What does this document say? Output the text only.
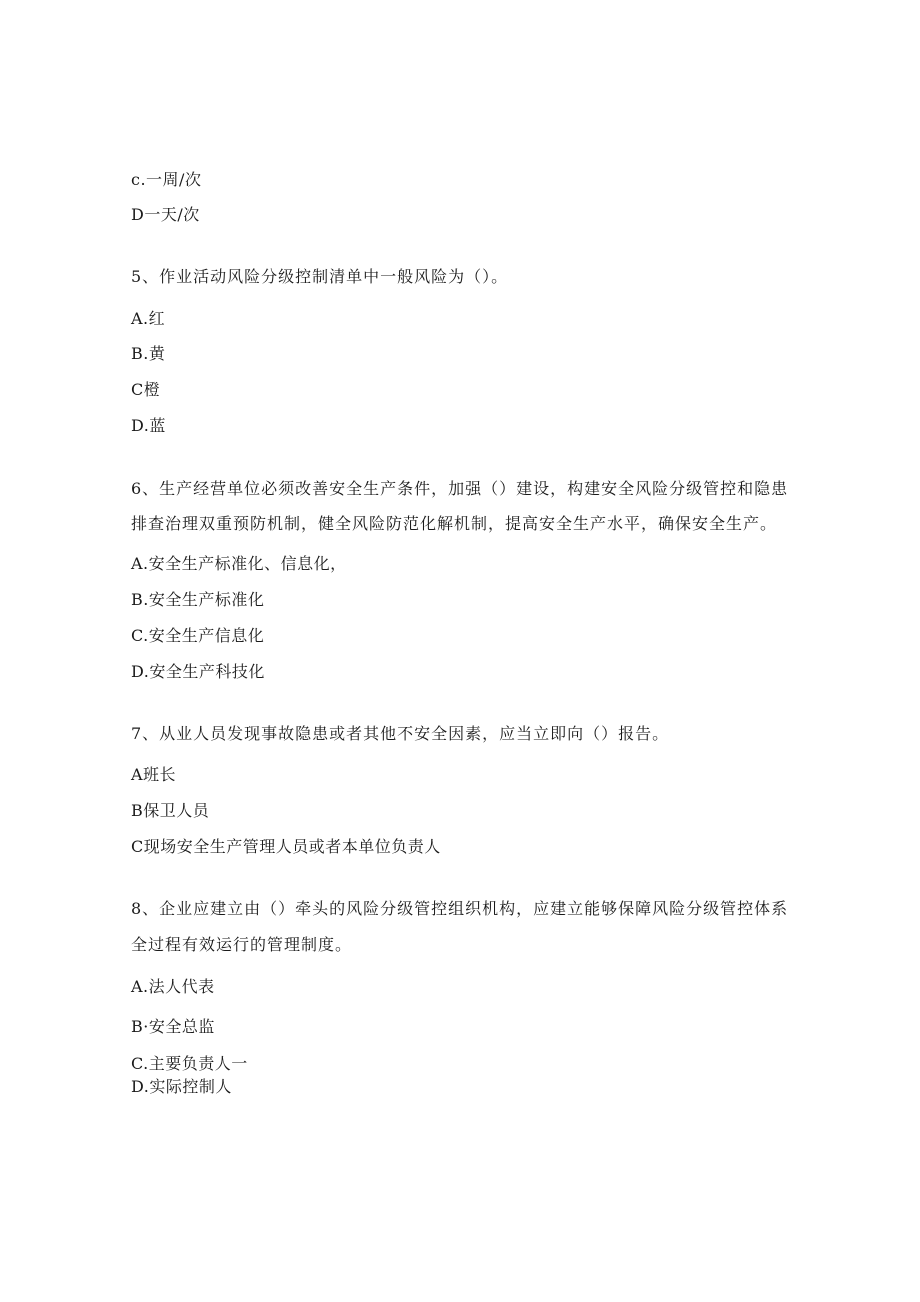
c.一周/次
D一天/次
5、作业活动风险分级控制清单中一般风险为（）。
A.红
B.黄
C橙
D.蓝
6、生产经营单位必须改善安全生产条件，加强（）建设，构建安全风险分级管控和隐患
排查治理双重预防机制，健全风险防范化解机制，提高安全生产水平，确保安全生产。
A.安全生产标准化、信息化，
B.安全生产标准化
C.安全生产信息化
D.安全生产科技化
7、从业人员发现事故隐患或者其他不安全因素，应当立即向（）报告。
A班长
B保卫人员
C现场安全生产管理人员或者本单位负责人
8、企业应建立由（）牵头的风险分级管控组织机构，应建立能够保障风险分级管控体系
全过程有效运行的管理制度。
A.法人代表
B·安全总监
C.主要负责人一
D.实际控制人
